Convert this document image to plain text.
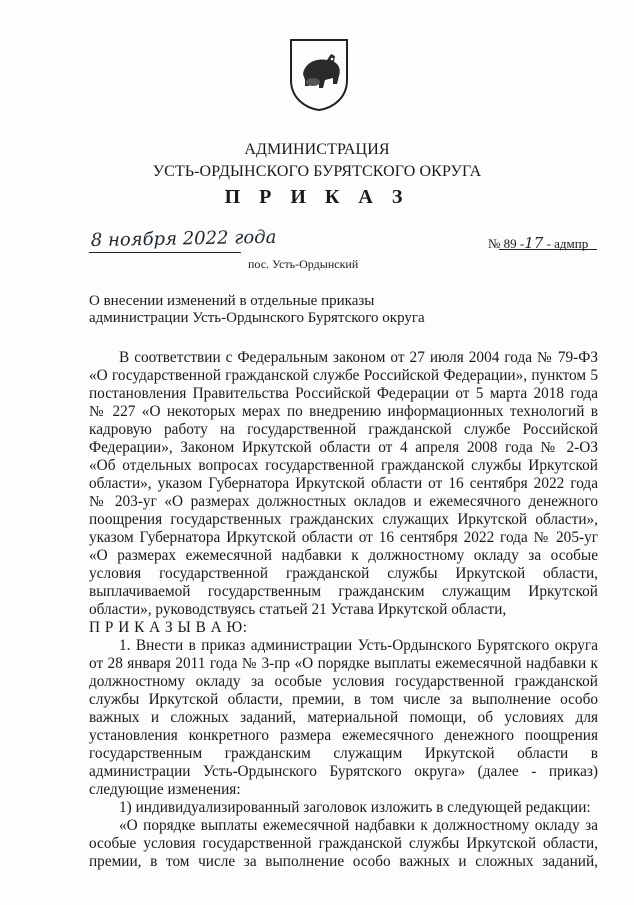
АДМИНИСТРАЦИЯ
УСТЬ-ОРДЫНСКОГО БУРЯТСКОГО ОКРУГА
П Р И К А З
8 ноября 2022 года	№ 89 -17 - адмпр
пос. Усть-Ордынский
О внесении изменений в отдельные приказы
администрации Усть-Ордынского Бурятского округа
В соответствии с Федеральным законом от 27 июля 2004 года № 79-ФЗ
«О государственной гражданской службе Российской Федерации», пунктом 5
постановления Правительства Российской Федерации от 5 марта 2018 года
№ 227 «О некоторых мерах по внедрению информационных технологий в
кадровую работу на государственной гражданской службе Российской
Федерации», Законом Иркутской области от 4 апреля 2008 года № 2-ОЗ
«Об отдельных вопросах государственной гражданской службы Иркутской
области», указом Губернатора Иркутской области от 16 сентября 2022 года
№ 203-уг «О размерах должностных окладов и ежемесячного денежного
поощрения государственных гражданских служащих Иркутской области»,
указом Губернатора Иркутской области от 16 сентября 2022 года № 205-уг
«О размерах ежемесячной надбавки к должностному окладу за особые
условия государственной гражданской службы Иркутской области,
выплачиваемой государственным гражданским служащим Иркутской
области», руководствуясь статьей 21 Устава Иркутской области,
П Р И К А З Ы В А Ю:
1. Внести в приказ администрации Усть-Ордынского Бурятского округа
от 28 января 2011 года № 3-пр «О порядке выплаты ежемесячной надбавки к
должностному окладу за особые условия государственной гражданской
службы Иркутской области, премии, в том числе за выполнение особо
важных и сложных заданий, материальной помощи, об условиях для
установления конкретного размера ежемесячного денежного поощрения
государственным гражданским служащим Иркутской области в
администрации Усть-Ордынского Бурятского округа» (далее - приказ)
следующие изменения:
1) индивидуализированный заголовок изложить в следующей редакции:
«О порядке выплаты ежемесячной надбавки к должностному окладу за
особые условия государственной гражданской службы Иркутской области,
премии, в том числе за выполнение особо важных и сложных заданий,
